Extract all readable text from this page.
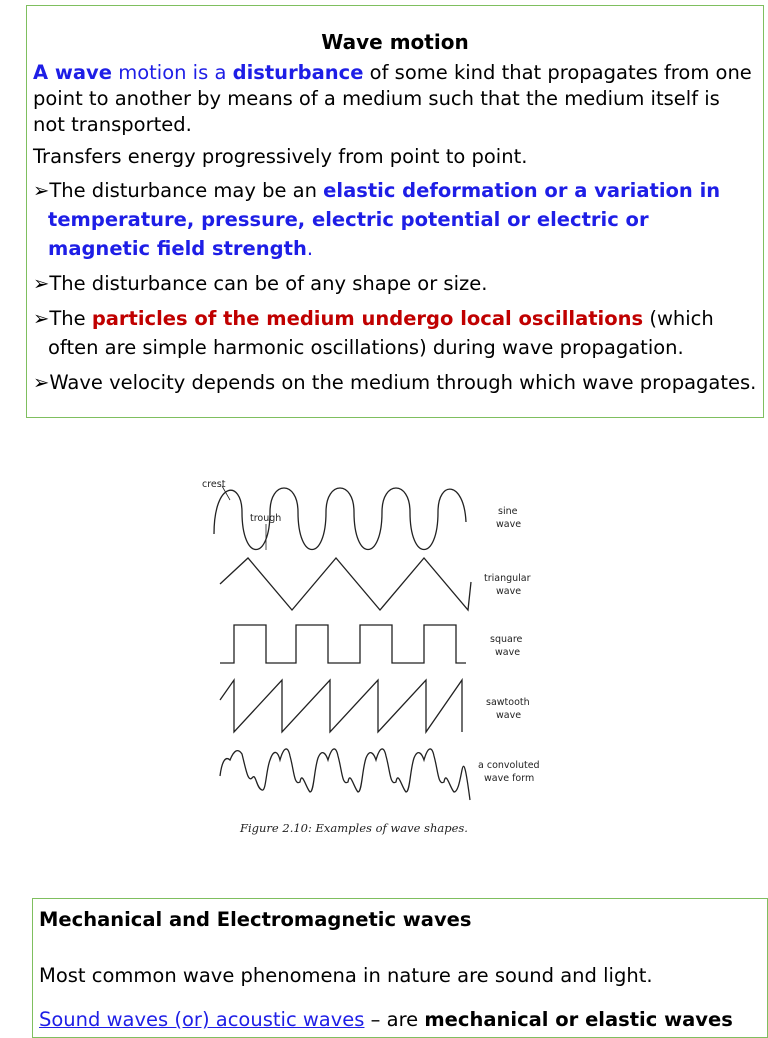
Wave motion

A wave motion is a disturbance of some kind that propagates from one point to another by means of a medium such that the medium itself is not transported.

Transfers energy progressively from point to point.

➢The disturbance may be an elastic deformation or a variation in temperature, pressure, electric potential or electric or magnetic field strength.

➢The disturbance can be of any shape or size.

➢The particles of the medium undergo local oscillations (which often are simple harmonic oscillations) during wave propagation.

➢Wave velocity depends on the medium through which wave propagates.

crest
trough
sine
wave
triangular
wave
square
wave
sawtooth
wave
a convoluted
wave form
Figure 2.10: Examples of wave shapes.
Mechanical and Electromagnetic waves

Most common wave phenomena in nature are sound and light.

Sound waves (or) acoustic waves – are mechanical or elastic waves
